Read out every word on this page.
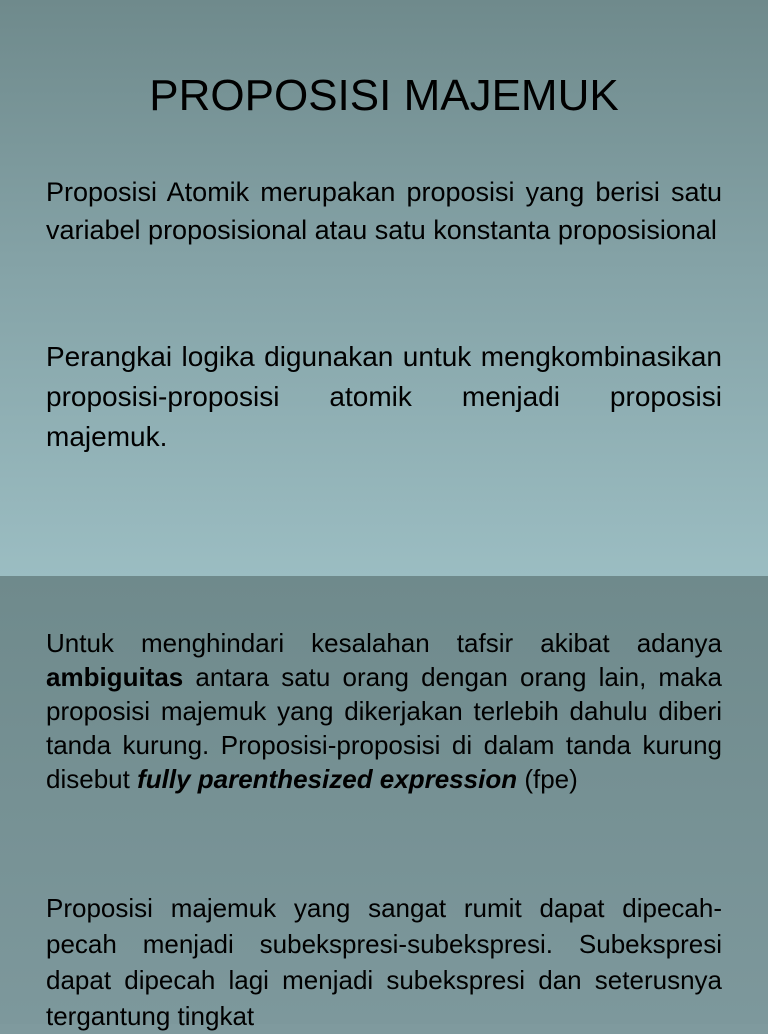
PROPOSISI MAJEMUK

Proposisi Atomik merupakan proposisi yang berisi satu variabel proposisional atau satu konstanta proposisional

Perangkai logika digunakan untuk mengkombinasikan proposisi-proposisi atomik menjadi proposisi majemuk.

Untuk menghindari kesalahan tafsir akibat adanya ambiguitas antara satu orang dengan orang lain, maka proposisi majemuk yang dikerjakan terlebih dahulu diberi tanda kurung. Proposisi-proposisi di dalam tanda kurung disebut fully parenthesized expression (fpe)

Proposisi majemuk yang sangat rumit dapat dipecah-pecah menjadi subekspresi-subekspresi. Subekspresi dapat dipecah lagi menjadi subekspresi dan seterusnya tergantung tingkat
